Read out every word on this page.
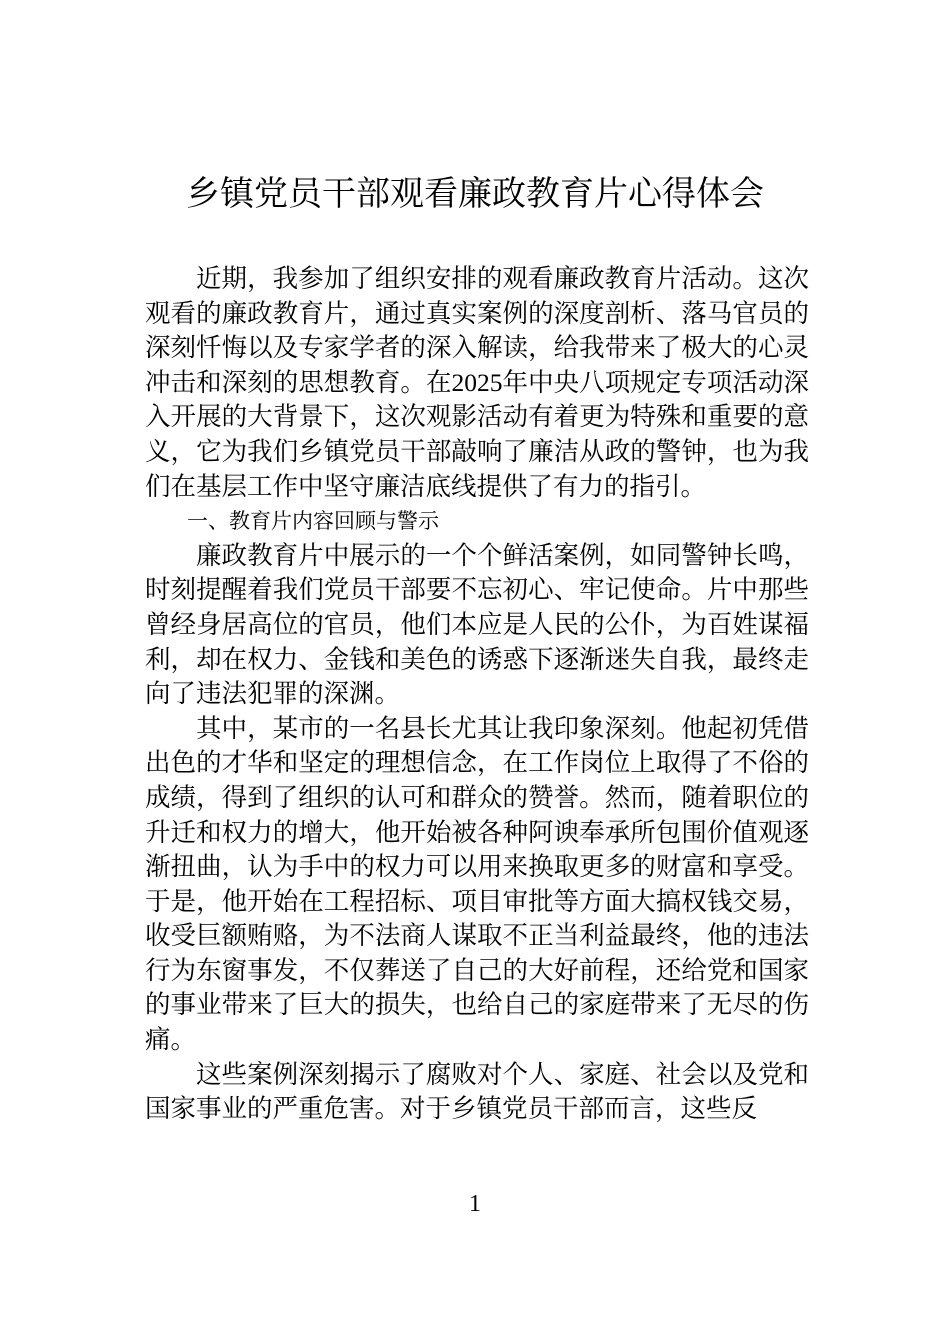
乡镇党员干部观看廉政教育片心得体会

近期，我参加了组织安排的观看廉政教育片活动。这次观看的廉政教育片，通过真实案例的深度剖析、落马官员的深刻忏悔以及专家学者的深入解读，给我带来了极大的心灵冲击和深刻的思想教育。在2025年中央八项规定专项活动深入开展的大背景下，这次观影活动有着更为特殊和重要的意义，它为我们乡镇党员干部敲响了廉洁从政的警钟，也为我们在基层工作中坚守廉洁底线提供了有力的指引。

一、教育片内容回顾与警示

廉政教育片中展示的一个个鲜活案例，如同警钟长鸣，时刻提醒着我们党员干部要不忘初心、牢记使命。片中那些曾经身居高位的官员，他们本应是人民的公仆，为百姓谋福利，却在权力、金钱和美色的诱惑下逐渐迷失自我，最终走向了违法犯罪的深渊。

其中，某市的一名县长尤其让我印象深刻。他起初凭借出色的才华和坚定的理想信念，在工作岗位上取得了不俗的成绩，得到了组织的认可和群众的赞誉。然而，随着职位的升迁和权力的增大，他开始被各种阿谀奉承所包围价值观逐渐扭曲，认为手中的权力可以用来换取更多的财富和享受。于是，他开始在工程招标、项目审批等方面大搞权钱交易，收受巨额贿赂，为不法商人谋取不正当利益最终，他的违法行为东窗事发，不仅葬送了自己的大好前程，还给党和国家的事业带来了巨大的损失，也给自己的家庭带来了无尽的伤痛。

这些案例深刻揭示了腐败对个人、家庭、社会以及党和国家事业的严重危害。对于乡镇党员干部而言，这些反

1
